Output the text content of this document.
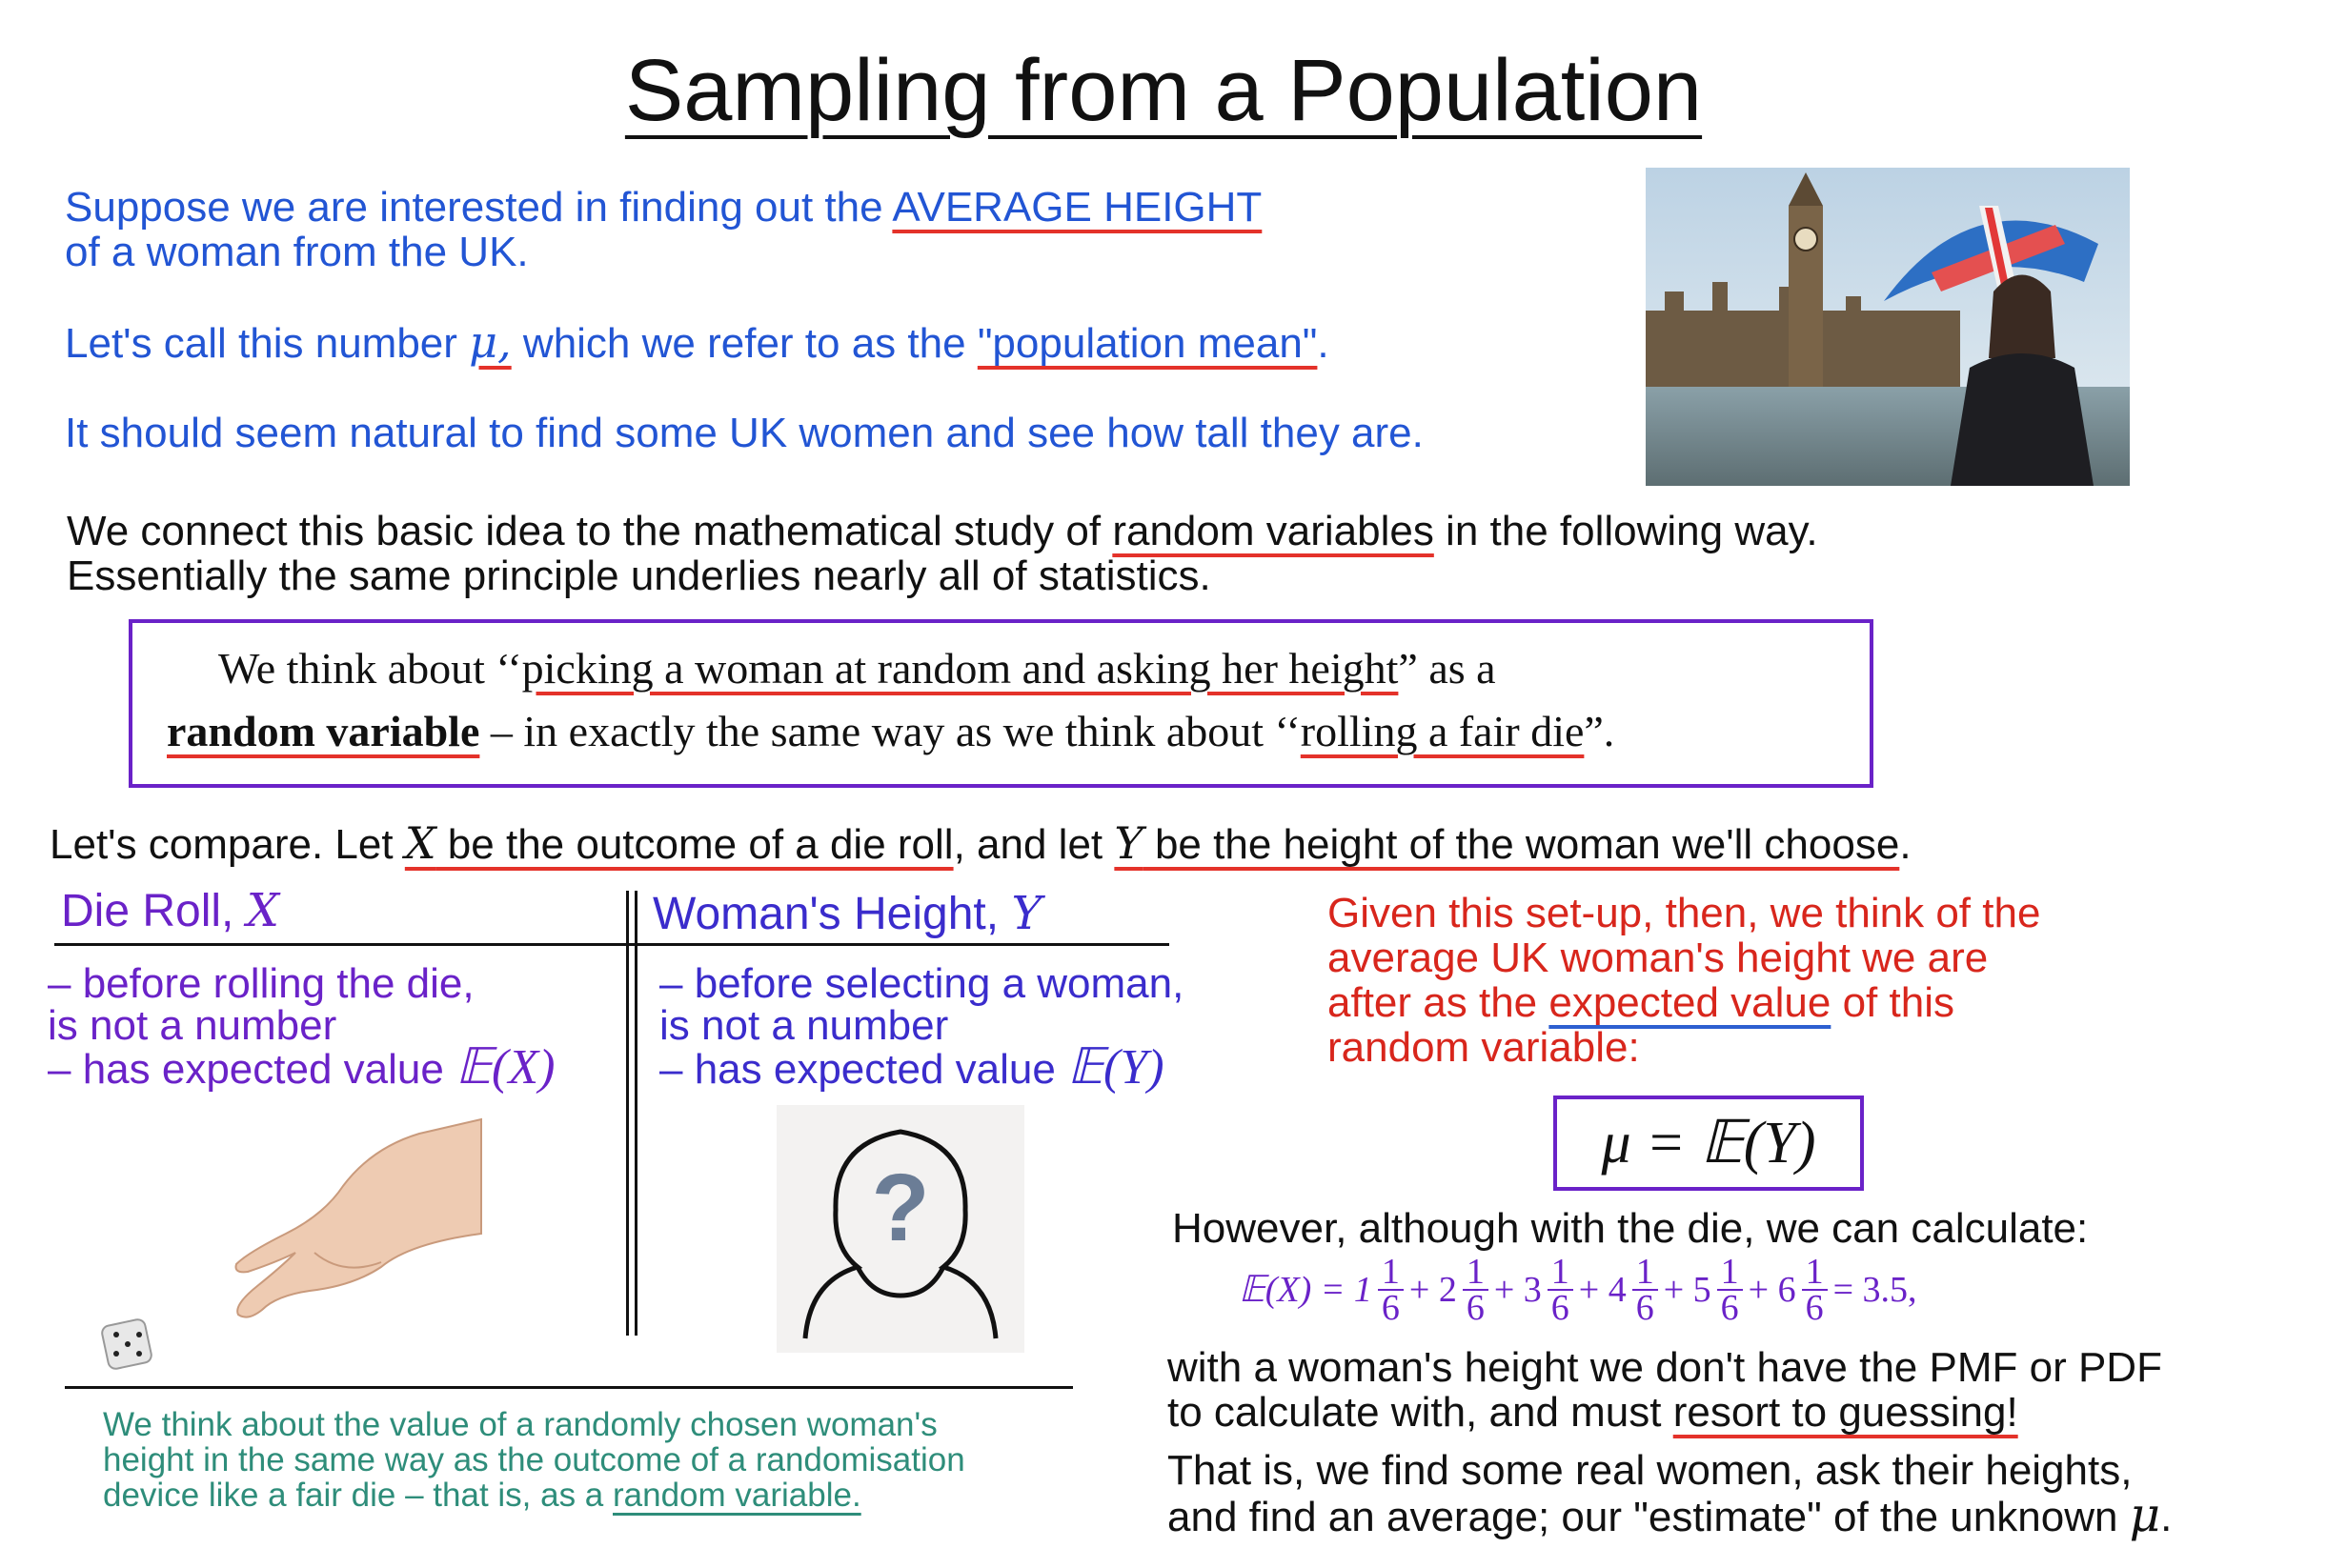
Sampling from a Population
Suppose we are interested in finding out the AVERAGE HEIGHT
of a woman from the UK.
Let's call this number μ, which we refer to as the "population mean".
It should seem natural to find some UK women and see how tall they are.
We connect this basic idea to the mathematical study of random variables in the following way.
Essentially the same principle underlies nearly all of statistics.
We think about ‘‘picking a woman at random and asking her height” as a
random variable – in exactly the same way as we think about ‘‘rolling a fair die”.
Let's compare. Let X be the outcome of a die roll, and let Y be the height of the woman we'll choose.
Die Roll, X
– before rolling the die,
is not a number
– has expected value 𝔼(X)
Woman's Height, Y
– before selecting a woman,
is not a number
– has expected value 𝔼(Y)
?
We think about the value of a randomly chosen woman's
height in the same way as the outcome of a randomisation
device like a fair die – that is, as a random variable.
Given this set-up, then, we think of the
average UK woman's height we are
after as the expected value of this
random variable:
μ = 𝔼(Y)
However, although with the die, we can calculate:
𝔼(X) = $1 \frac{1}{6} + 2 \frac{1}{6} + 3 \frac{1}{6} + 4 \frac{1}{6} + 5 \frac{1}{6} + 6 \frac{1}{6} = 3.5$,
with a woman's height we don't have the PMF or PDF
to calculate with, and must resort to guessing!
That is, we find some real women, ask their heights,
and find an average; our "estimate" of the unknown μ.
